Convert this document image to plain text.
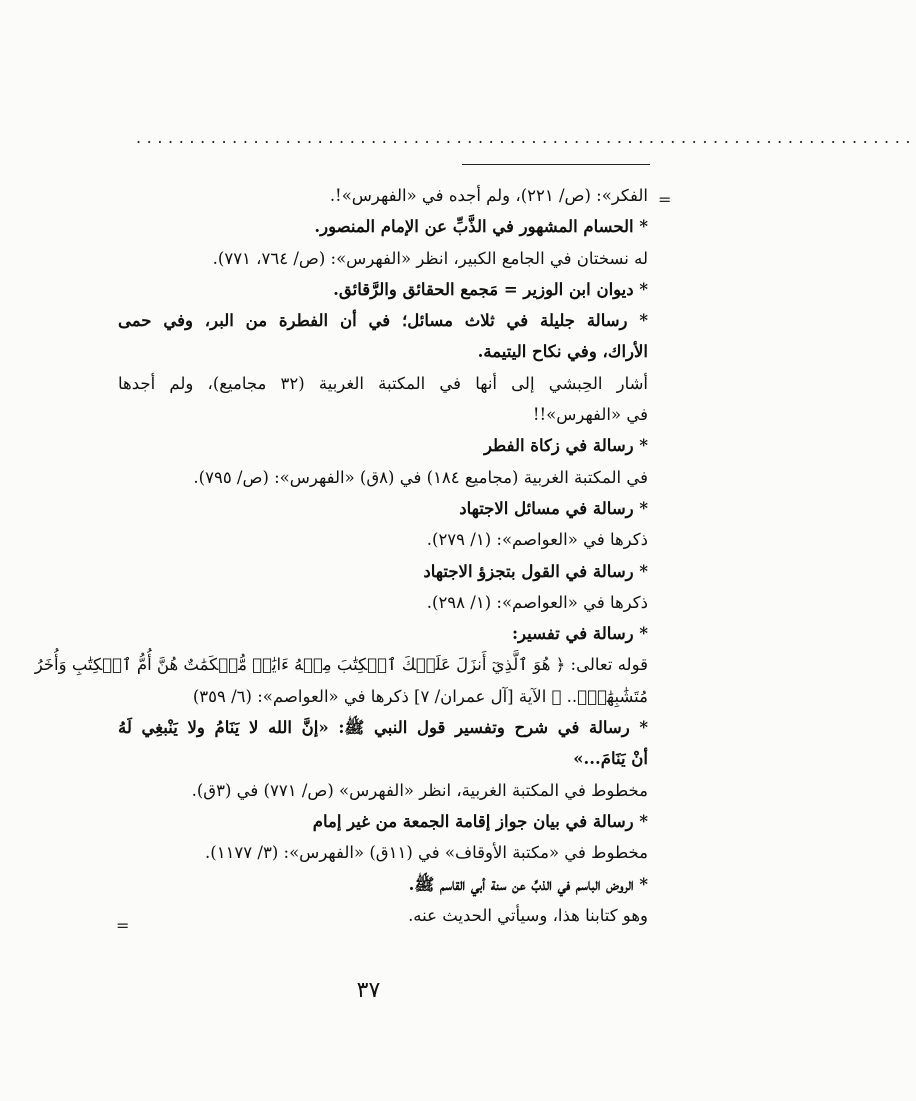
.........................................................................
=
=
الفكر»: (ص/ ٢٢١)، ولم أجده في «الفهرس»!.
* الحسام المشهور في الذَّبِّ عن الإمام المنصور.
له نسختان في الجامع الكبير، انظر «الفهرس»: (ص/ ٧٦٤، ٧٧١).
* ديوان ابن الوزير = مَجمع الحقائق والرَّقائق.
* رسالة جليلة في ثلاث مسائل؛ في أن الفطرة من البر، وفي حمى
الأراك، وفي نكاح اليتيمة.
أشار الحِبشي إلى أنها في المكتبة الغربية (٣٢ مجاميع)، ولم أجدها
في «الفهرس»!!
* رسالة في زكاة الفطر
في المكتبة الغربية (مجاميع ١٨٤) في (٨ق) «الفهرس»: (ص/ ٧٩٥).
* رسالة في مسائل الاجتهاد
ذكرها في «العواصم»: (١/ ٢٧٩).
* رسالة في القول بتجزؤ الاجتهاد
ذكرها في «العواصم»: (١/ ٢٩٨).
* رسالة في تفسير:
قوله تعالى: ﴿ هُوَ ٱلَّذِيٓ أَنزَلَ عَلَيۡكَ ٱلۡكِتَٰبَ مِنۡهُ ءَايَٰتٞ مُّحۡكَمَٰتٌ هُنَّ أُمُّ ٱلۡكِتَٰبِ وَأُخَرُ
مُتَشَٰبِهَٰتٞۖ.. ﴾ الآية [آل عمران/ ٧] ذكرها في «العواصم»: (٦/ ٣٥٩)
* رسالة في شرح وتفسير قول النبي ﷺ: «إنَّ الله لا يَنَامُ ولا يَنْبغِي لَهُ
أنْ يَنَامَ...»
مخطوط في المكتبة الغربية، انظر «الفهرس» (ص/ ٧٧١) في (٣ق).
* رسالة في بيان جواز إقامة الجمعة من غير إمام
مخطوط في «مكتبة الأوقاف» في (١١ق) «الفهرس»: (٣/ ١١٧٧).
* الروض الباسم في الذبِّ عن سنة أبي القاسم ﷺ.
وهو كتابنا هذا، وسيأتي الحديث عنه.
٣٧
